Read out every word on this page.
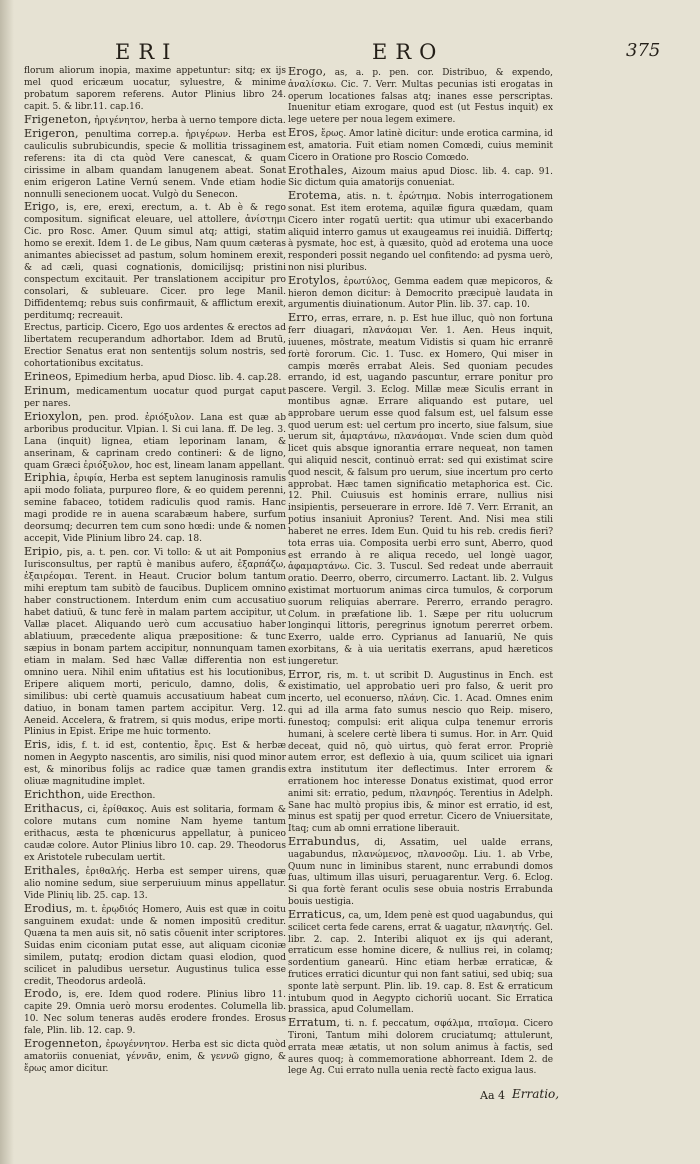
ERI	ERO	375

florum aliorum inopia, maxime appetuntur: sitq; ex ijs mel quod ericæum uocatur, syluestre, & minime probatum saporem referens. Autor Plinius libro 24. capit. 5. & libr.11. cap.16.

Frigeneton, ἠριγένητον, herba à uerno tempore dicta.

Erigeron, penultima correp.a. ἠριγέρων. Herba est cauliculis subrubicundis, specie & mollitia trissaginem referens: ita di cta quòd Vere canescat, & quam cirissime in albam quandam lanugenem abeat. Sonat enim erigeron Latine Vernú senem. Vnde etiam hodie nonnulli senecionem uocat. Vulgò du Senecon.

Erigo, is, ere, erexi, erectum, a. t. Ab è & rego compositum. significat eleuare, uel attollere, ἀνίστημι Cic. pro Rosc. Amer. Quum simul atq; attigi, statim homo se erexit. Idem 1. de Le gibus, Nam quum cæteras animantes abiecisset ad pastum, solum hominem erexit, & ad cæli, quasi cognationis, domicilijsq; pristini conspectum excitauit. Per translationem accipitur pro consolari, & subleuare. Cicer. pro lege Manil. Diffidentemq; rebus suis confirmauit, & afflictum erexit, perditumq; recreauit.

Erectus, particip. Cicero, Ego uos ardentes & erectos ad libertatem recuperandum adhortabor. Idem ad Brutū, Erectior Senatus erat non sententijs solum nostris, sed cohortationibus excitatus.

Erineos, Epimedium herba, apud Diosc. lib. 4. cap.28.

Erinum, medicamentum uocatur quod purgat caput per nares.

Erioxylon, pen. prod. ἐριόξυλον. Lana est quæ ab arboribus producitur. Vlpian. l. Si cui lana. ff. De leg. 3. Lana (inquit) lignea, etiam leporinam lanam, & anserinam, & caprinam credo contineri: & de ligno, quam Græci ἐριόξυλον, hoc est, lineam lanam appellant.

Eriphia, ἐριφία, Herba est septem lanuginosis ramulis apii modo foliata, purpureo flore, & eo quidem perenni, semine fabaceo, totidem radiculis quod ramis. Hanc magi prodide re in auena scarabæum habere, surfum deorsumq; decurren tem cum sono hœdi: unde & nomen accepit, Vide Plinium libro 24. cap. 18.

Eripio, pis, a. t. pen. cor. Vi tollo: & ut ait Pomponius Iurisconsultus, per raptū è manibus aufero, ἐξαρπάζω, ἐξαιρέομαι. Terent. in Heaut. Crucior bolum tantum mihi ereptum tam subitò de faucibus. Duplicem omnino haber constructionem. Interdum enim cum accusatiuo habet datiuū, & tunc ferè in malam partem accipitur, ut Vallæ placet. Aliquando uerò cum accusatiuo haber ablatiuum, præcedente aliqua præpositione: & tunc sæpius in bonam partem accipitur, nonnunquam tamen etiam in malam. Sed hæc Vallæ differentia non est omnino uera. Nihil enim ufitatius est his locutionibus, Eripere aliquem morti, periculo, damno, dolis, & similibus: ubi certè quamuis accusatiuum habeat cum datiuo, in bonam tamen partem accipitur. Verg. 12. Aeneid. Accelera, & fratrem, si quis modus, eripe morti. Plinius in Epist. Eripe me huic tormento.

Eris, idis, f. t. id est, contentio, ἔρις. Est & herbæ nomen in Aegypto nascentis, aro similis, nisi quod minor est, & minoribus folijs ac radice quæ tamen grandis oliuæ magnitudine implet.

Erichthon, uide Erecthon.

Erithacus, ci, ἐρίθακος. Auis est solitaria, formam & colore mutans cum nomine Nam hyeme tantum erithacus, æsta te phœnicurus appellatur, à puniceo caudæ colore. Autor Plinius libro 10. cap. 29. Theodorus ex Aristotele rubeculam uertit.

Erithales, ἐριθαλής. Herba est semper uirens, quæ alio nomine sedum, siue serperuiuum minus appellatur. Vide Plinių lib. 25. cap. 13.

Erodius, m. t. ἐρῳδιός Homero, Auis est quæ in coitu sanguinem exudat: unde & nomen impositū creditur. Quæna ta men auis sit, nō satis cõuenit inter scriptores. Suidas enim ciconiam putat esse, aut aliquam ciconiæ similem, putatq; erodion dictam quasi elodion, quod scilicet in paludibus uersetur. Augustinus tulica esse credit, Theodorus ardeolā.

Erodo, is, ere. Idem quod rodere. Plinius libro 11. capite 29. Omnia uerò morsu erodentes. Columella lib. 10. Nec solum teneras audēs erodere frondes. Erosus fale, Plin. lib. 12. cap. 9.

Erogenneton, ἐρωγέννητον. Herba est sic dicta quòd amatoriis conueniat, γέννᾶν, enim, & γεννῶ gigno, & ἔρως amor dicitur.

Erogo, as, a. p. pen. cor. Distribuo, & expendo, ἀναλίσκω. Cic. 7. Verr. Multas pecunias isti erogatas in operum locationes falsas atq; inanes esse perscriptas. Inuenitur etiam exrogare, quod est (ut Festus inquit) ex lege uetere per noua legem eximere.

Eros, ἔρως. Amor latinè dicitur: unde erotica carmina, id est, amatoria. Fuit etiam nomen Comœdi, cuius meminit Cicero in Oratione pro Roscio Comœdo.

Erothales, Aizoum maius apud Diosc. lib. 4. cap. 91. Sic dictum quia amatorijs conueniat.

Erotema, atis. n. t. ἐρώτημα. Nobis interrogationem sonat. Est item erotema, aquilæ figura quædam, quam Cicero inter rogatū uertit: qua utimur ubi exacerbando aliquid interro gamus ut exaugeamus rei inuidiā. Differtq; à pysmate, hoc est, à quæsito, quòd ad erotema una uoce responderi possit negando uel confitendo: ad pysma uerò, non nisi pluribus.

Erotylos, ἐρωτύλος, Gemma eadem quæ mepicoros, & hieron demon dicitur: à Democrito præcipuè laudata in argumentis diuinationum. Autor Plin. lib. 37. cap. 10.

Erro, erras, errare, n. p. Est hue illuc, quò non fortuna ferr diuagari, πλανάομαι Ver. 1. Aen. Heus inquit, iuuenes, mōstrate, meatum Vidistis si quam hic erranrē fortè fororum. Cic. 1. Tusc. ex Homero, Qui miser in campis mœrēs errabat Aleis. Sed quoniam pecudes errando, id est, uagando pascuntur, errare ponitur pro pascere. Vergil. 3. Eclog. Millæ meæ Siculis errant in montibus agnæ. Errare aliquando est putare, uel approbare uerum esse quod falsum est, uel falsum esse quod uerum est: uel certum pro incerto, siue falsum, siue uerum sit, ἁμαρτάνω, πλανάομαι. Vnde scien dum quòd licet quis absque ignorantia errare nequeat, non tamen qui aliquid nescit, continuò errat: sed qui existimat scire quod nescit, & falsum pro uerum, siue incertum pro certo approbat. Hæc tamen significatio metaphorica est. Cic. 12. Phil. Cuiusuis est hominis errare, nullius nisi insipientis, perseuerare in errore. Idē 7. Verr. Erranit, an potius insaniuit Apronius? Terent. And. Nisi mea stili haberet ne erres. Idem Eun. Quid tu his reb. credis fieri? tota erras uia. Composita uerbi erro sunt, Aberro, quod est errando à re aliqua recedo, uel longè uagor, ἀφαμαρτάνω. Cic. 3. Tuscul. Sed redeat unde aberrauit oratio. Deerro, oberro, circumerro. Lactant. lib. 2. Vulgus existimat mortuorum animas circa tumulos, & corporum suorum reliquias aberrare. Pererro, errando peragro. Colum. in præfatione lib. 1. Sæpe per ritu uolucrum longinqui littoris, peregrinus ignotum pererret orbem. Exerro, ualde erro. Cyprianus ad Ianuariū, Ne quis exorbitans, & à uia ueritatis exerrans, apud hæreticos iungeretur.

Error, ris, m. t. ut scribit D. Augustinus in Ench. est existimatio, uel approbatio ueri pro falso, & uerit pro incerto, uel econuerso, πλάνη. Cic. 1. Acad. Omnes enim qui ad illa arma fato sumus nescio quo Reip. misero, funestoq; compulsi: erit aliqua culpa tenemur erroris humani, à scelere certè libera ti sumus. Hor. in Arr. Quid deceat, quid nō, quò uirtus, quò ferat error. Propriè autem error, est deflexio à uia, quum scilicet uia ignari extra institutum iter deflectimus. Inter errorem & errationem hoc interesse Donatus existimat, quod error animi sit: erratio, pedum, πλανηρός. Terentius in Adelph. Sane hac multò propius ibis, & minor est erratio, id est, minus est spatij per quod erretur. Cicero de Vniuersitate, Itaq; cum ab omni erratione liberauit.

Errabundus, di, Assatim, uel ualde errans, uagabundus, πλανώμενος, πλανοσῶμ. Liu. 1. ab Vrbe, Quum nunc in liminibus starent, nunc errabundi domos fuas, ultimum illas uisuri, peruagarentur. Verg. 6. Eclog. Si qua fortè ferant oculis sese obuia nostris Errabunda bouis uestigia.

Erraticus, ca, um, Idem penè est quod uagabundus, qui scilicet certa fede carens, errat & uagatur, πλανητής. Gel. libr. 2. cap. 2. Interibi aliquot ex ijs qui aderant, erraticum esse homine dicere, & nullius rei, in colamq; sordentium ganearū. Hinc etiam herbæ erraticæ, & frutices erratici dicuntur qui non fant satiui, sed ubiq; sua sponte latè serpunt. Plin. lib. 19. cap. 8. Est & erraticum intubum quod in Aegypto cichoriū uocant. Sic Erratica brassica, apud Columellam.

Erratum, ti. n. f. peccatum, σφάλμα, πταῖσμα. Cicero Tironi, Tantum mihi dolorem cruciatumq; attulerunt, errata meæ ætatis, ut non solum animus à factis, sed aures quoq; à commemoratione abhorreant. Idem 2. de lege Ag. Cui errato nulla uenia rectè facto exigua laus.

Aa 4 Erratio,
